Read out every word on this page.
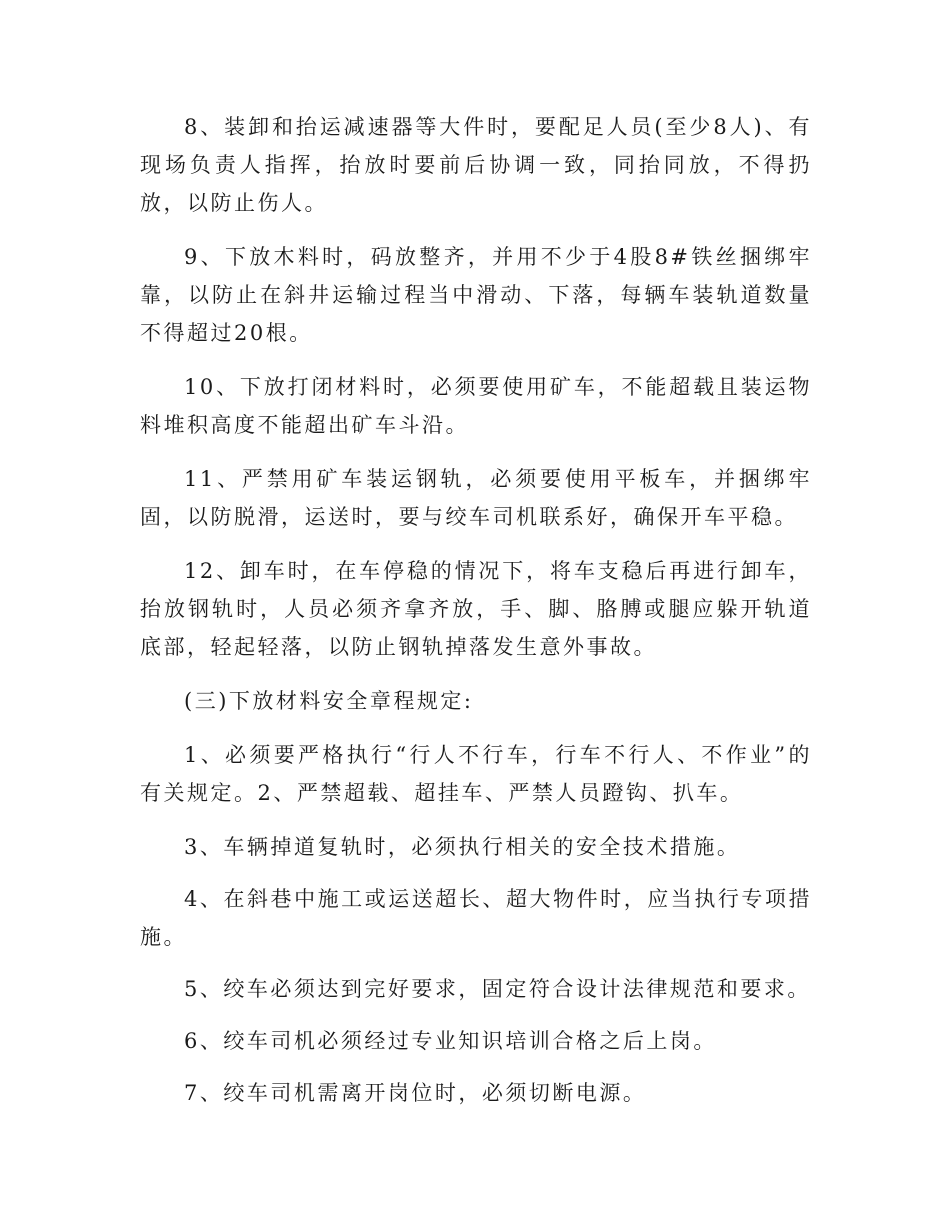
8、装卸和抬运减速器等大件时，要配足人员(至少8人)、有现场负责人指挥，抬放时要前后协调一致，同抬同放，不得扔放，以防止伤人。

9、下放木料时，码放整齐，并用不少于4股8#铁丝捆绑牢靠，以防止在斜井运输过程当中滑动、下落，每辆车装轨道数量不得超过20根。

10、下放打闭材料时，必须要使用矿车，不能超载且装运物料堆积高度不能超出矿车斗沿。

11、严禁用矿车装运钢轨，必须要使用平板车，并捆绑牢固，以防脱滑，运送时，要与绞车司机联系好，确保开车平稳。

12、卸车时，在车停稳的情况下，将车支稳后再进行卸车，抬放钢轨时，人员必须齐拿齐放，手、脚、胳膊或腿应躲开轨道底部，轻起轻落，以防止钢轨掉落发生意外事故。

(三)下放材料安全章程规定:

1、必须要严格执行“行人不行车，行车不行人、不作业”的有关规定。2、严禁超载、超挂车、严禁人员蹬钩、扒车。

3、车辆掉道复轨时，必须执行相关的安全技术措施。

4、在斜巷中施工或运送超长、超大物件时，应当执行专项措施。

5、绞车必须达到完好要求，固定符合设计法律规范和要求。

6、绞车司机必须经过专业知识培训合格之后上岗。

7、绞车司机需离开岗位时，必须切断电源。
